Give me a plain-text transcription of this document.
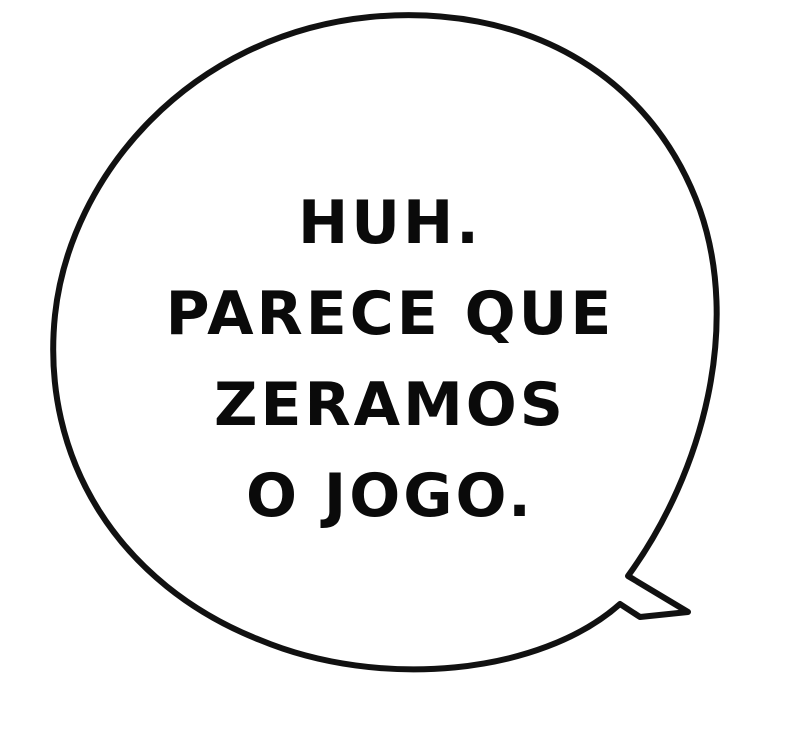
HUH.
PARECE QUE
ZERAMOS
O JOGO.
